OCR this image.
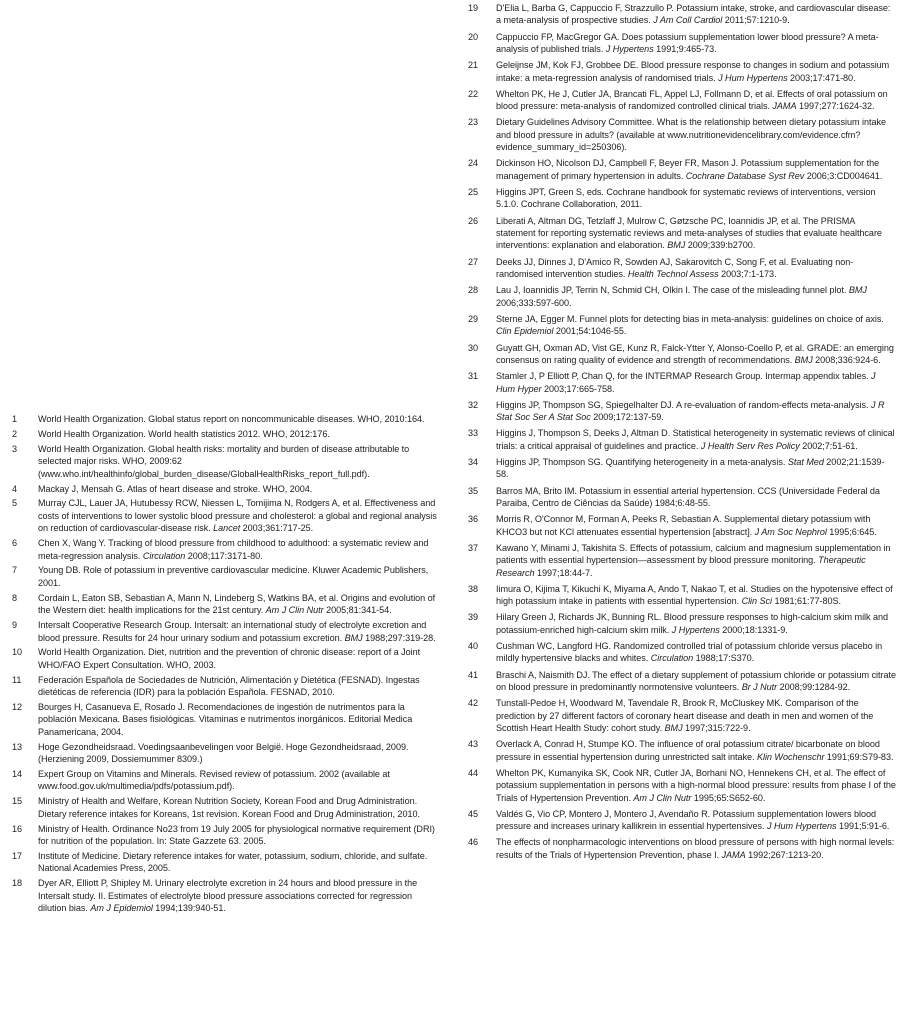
1	World Health Organization. Global status report on noncommunicable diseases. WHO, 2010:164.
2	World Health Organization. World health statistics 2012. WHO, 2012:176.
3	World Health Organization. Global health risks: mortality and burden of disease attributable to selected major risks. WHO, 2009:62 (www.who.int/healthinfo/global_burden_disease/GlobalHealthRisks_report_full.pdf).
4	Mackay J, Mensah G. Atlas of heart disease and stroke. WHO, 2004.
5	Murray CJL, Lauer JA, Hutubessy RCW, Niessen L, Tomijima N, Rodgers A, et al. Effectiveness and costs of interventions to lower systolic blood pressure and cholesterol: a global and regional analysis on reduction of cardiovascular-disease risk. Lancet 2003;361:717-25.
6	Chen X, Wang Y. Tracking of blood pressure from childhood to adulthood: a systematic review and meta-regression analysis. Circulation 2008;117:3171-80.
7	Young DB. Role of potassium in preventive cardiovascular medicine. Kluwer Academic Publishers, 2001.
8	Cordain L, Eaton SB, Sebastian A, Mann N, Lindeberg S, Watkins BA, et al. Origins and evolution of the Western diet: health implications for the 21st century. Am J Clin Nutr 2005;81:341-54.
9	Intersalt Cooperative Research Group. Intersalt: an international study of electrolyte excretion and blood pressure. Results for 24 hour urinary sodium and potassium excretion. BMJ 1988;297:319-28.
10	World Health Organization. Diet, nutrition and the prevention of chronic disease: report of a Joint WHO/FAO Expert Consultation. WHO, 2003.
11	Federación Española de Sociedades de Nutrición, Alimentación y Dietética (FESNAD). Ingestas dietéticas de referencia (IDR) para la población Española. FESNAD, 2010.
12	Bourges H, Casanueva E, Rosado J. Recomendaciones de ingestión de nutrimentos para la población Mexicana. Bases fisiológicas. Vitaminas e nutrimentos inorgánicos. Editorial Medica Panamericana, 2004.
13	Hoge Gezondheidsraad. Voedingsaanbevelingen voor België. Hoge Gezondheidsraad, 2009. (Herziening 2009, Dossiemummer 8309.)
14	Expert Group on Vitamins and Minerals. Revised review of potassium. 2002 (available at www.food.gov.uk/multimedia/pdfs/potassium.pdf).
15	Ministry of Health and Welfare, Korean Nutrition Society, Korean Food and Drug Administration. Dietary reference intakes for Koreans, 1st revision. Korean Food and Drug Administration, 2010.
16	Ministry of Health. Ordinance No23 from 19 July 2005 for physiological normative requirement (DRI) for nutrition of the population. In: State Gazzete 63. 2005.
17	Institute of Medicine. Dietary reference intakes for water, potassium, sodium, chloride, and sulfate. National Academies Press, 2005.
18	Dyer AR, Elliott P, Shipley M. Urinary electrolyte excretion in 24 hours and blood pressure in the Intersalt study. II. Estimates of electrolyte blood pressure associations corrected for regression dilution bias. Am J Epidemiol 1994;139:940-51.
19	D'Elia L, Barba G, Cappuccio F, Strazzullo P. Potassium intake, stroke, and cardiovascular disease: a meta-analysis of prospective studies. J Am Coll Cardiol 2011;57:1210-9.
20	Cappuccio FP, MacGregor GA. Does potassium supplementation lower blood pressure? A meta-analysis of published trials. J Hypertens 1991;9:465-73.
21	Geleijnse JM, Kok FJ, Grobbee DE. Blood pressure response to changes in sodium and potassium intake: a meta-regression analysis of randomised trials. J Hum Hypertens 2003;17:471-80.
22	Whelton PK, He J, Cutler JA, Brancati FL, Appel LJ, Follmann D, et al. Effects of oral potassium on blood pressure: meta-analysis of randomized controlled clinical trials. JAMA 1997;277:1624-32.
23	Dietary Guidelines Advisory Committee. What is the relationship between dietary potassium intake and blood pressure in adults? (available at www.nutritionevidencelibrary.com/evidence.cfm?evidence_summary_id=250306).
24	Dickinson HO, Nicolson DJ, Campbell F, Beyer FR, Mason J. Potassium supplementation for the management of primary hypertension in adults. Cochrane Database Syst Rev 2006;3:CD004641.
25	Higgins JPT, Green S, eds. Cochrane handbook for systematic reviews of interventions, version 5.1.0. Cochrane Collaboration, 2011.
26	Liberati A, Altman DG, Tetzlaff J, Mulrow C, Gøtzsche PC, Ioannidis JP, et al. The PRISMA statement for reporting systematic reviews and meta-analyses of studies that evaluate healthcare interventions: explanation and elaboration. BMJ 2009;339:b2700.
27	Deeks JJ, Dinnes J, D'Amico R, Sowden AJ, Sakarovitch C, Song F, et al. Evaluating non-randomised intervention studies. Health Technol Assess 2003;7:1-173.
28	Lau J, Ioannidis JP, Terrin N, Schmid CH, Olkin I. The case of the misleading funnel plot. BMJ 2006;333:597-600.
29	Sterne JA, Egger M. Funnel plots for detecting bias in meta-analysis: guidelines on choice of axis. Clin Epidemiol 2001;54:1046-55.
30	Guyatt GH, Oxman AD, Vist GE, Kunz R, Falck-Ytter Y, Alonso-Coello P, et al. GRADE: an emerging consensus on rating quality of evidence and strength of recommendations. BMJ 2008;336:924-6.
31	Stamler J, P Elliott P, Chan Q, for the INTERMAP Research Group. Intermap appendix tables. J Hum Hyper 2003;17:665-758.
32	Higgins JP, Thompson SG, Spiegelhalter DJ. A re-evaluation of random-effects meta-analysis. J R Stat Soc Ser A Stat Soc 2009;172:137-59.
33	Higgins J, Thompson S, Deeks J, Altman D. Statistical heterogeneity in systematic reviews of clinical trials: a critical appraisal of guidelines and practice. J Health Serv Res Policy 2002;7:51-61.
34	Higgins JP, Thompson SG. Quantifying heterogeneity in a meta-analysis. Stat Med 2002;21:1539-58.
35	Barros MA, Brito IM. Potassium in essential arterial hypertension. CCS (Universidade Federal da Paraiba, Centro de Ciências da Saúde) 1984;6:48-55.
36	Morris R, O'Connor M, Forman A, Peeks R, Sebastian A. Supplemental dietary potassium with KHCO3 but not KCl attenuates essential hypertension [abstract]. J Am Soc Nephrol 1995;6:645.
37	Kawano Y, Minami J, Takishita S. Effects of potassium, calcium and magnesium supplementation in patients with essential hypertension—assessment by blood pressure monitoring. Therapeutic Research 1997;18:44-7.
38	Iimura O, Kijima T, Kikuchi K, Miyama A, Ando T, Nakao T, et al. Studies on the hypotensive effect of high potassium intake in patients with essential hypertension. Clin Sci 1981;61:77-80S.
39	Hilary Green J, Richards JK, Bunning RL. Blood pressure responses to high-calcium skim milk and potassium-enriched high-calcium skim milk. J Hypertens 2000;18:1331-9.
40	Cushman WC, Langford HG. Randomized controlled trial of potassium chloride versus placebo in mildly hypertensive blacks and whites. Circulation 1988;17:S370.
41	Braschi A, Naismith DJ. The effect of a dietary supplement of potassium chloride or potassium citrate on blood pressure in predominantly normotensive volunteers. Br J Nutr 2008;99:1284-92.
42	Tunstall-Pedoe H, Woodward M, Tavendale R, Brook R, McCluskey MK. Comparison of the prediction by 27 different factors of coronary heart disease and death in men and women of the Scottish Heart Health Study: cohort study. BMJ 1997;315:722-9.
43	Overlack A, Conrad H, Stumpe KO. The influence of oral potassium citrate/ bicarbonate on blood pressure in essential hypertension during unrestricted salt intake. Klin Wochenschr 1991;69:S79-83.
44	Whelton PK, Kumanyika SK, Cook NR, Cutler JA, Borhani NO, Hennekens CH, et al. The effect of potassium supplementation in persons with a high-normal blood pressure: results from phase I of the Trials of Hypertension Prevention. Am J Clin Nutr 1995;65:S652-60.
45	Valdés G, Vio CP, Montero J, Montero J, Avendaño R. Potassium supplementation lowers blood pressure and increases urinary kallikrein in essential hypertensives. J Hum Hypertens 1991;5:91-6.
46	The effects of nonpharmacologic interventions on blood pressure of persons with high normal levels: results of the Trials of Hypertension Prevention, phase I. JAMA 1992;267:1213-20.
